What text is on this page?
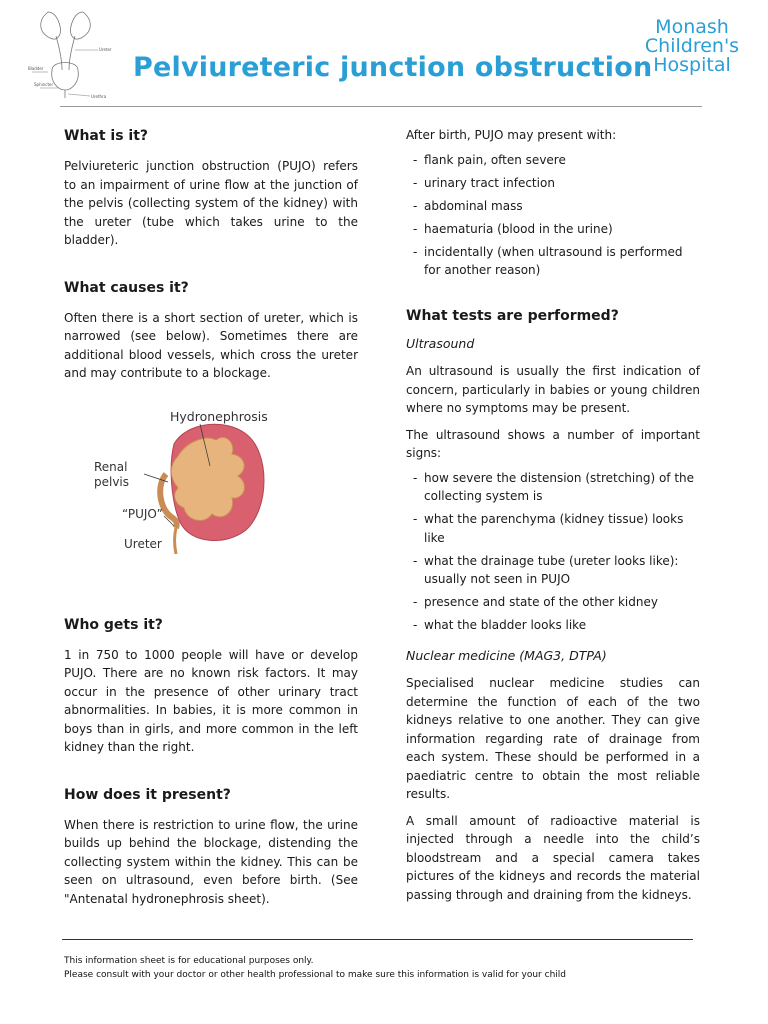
Ureter
Bladder
Sphincter
Urethra
Pelviureteric junction obstruction
Monash
Children's
Hospital
What is it?

Pelviureteric junction obstruction (PUJO) refers to an impairment of urine flow at the junction of the pelvis (collecting system of the kidney) with the ureter (tube which takes urine to the bladder).

What causes it?

Often there is a short section of ureter, which is narrowed (see below). Sometimes there are additional blood vessels, which cross the ureter and may contribute to a blockage.

Who gets it?

1 in 750 to 1000 people will have or develop PUJO. There are no known risk factors. It may occur in the presence of other urinary tract abnormalities. In babies, it is more common in boys than in girls, and more common in the left kidney than the right.

How does it present?

When there is restriction to urine flow, the urine builds up behind the blockage, distending the collecting system within the kidney. This can be seen on ultrasound, even before birth. (See "Antenatal hydronephrosis sheet).

Hydronephrosis
Renal
pelvis
“PUJO”
Ureter

After birth, PUJO may present with:

- flank pain, often severe
- urinary tract infection
- abdominal mass
- haematuria (blood in the urine)
- incidentally (when ultrasound is performed for another reason)
What tests are performed?

Ultrasound

An ultrasound is usually the first indication of concern, particularly in babies or young children where no symptoms may be present.

The ultrasound shows a number of important signs:

- how severe the distension (stretching) of the collecting system is
- what the parenchyma (kidney tissue) looks like
- what the drainage tube (ureter looks like): usually not seen in PUJO
- presence and state of the other kidney
- what the bladder looks like

Nuclear medicine (MAG3, DTPA)

Specialised nuclear medicine studies can determine the function of each of the two kidneys relative to one another. They can give information regarding rate of drainage from each system. These should be performed in a paediatric centre to obtain the most reliable results.

A small amount of radioactive material is injected through a needle into the child’s bloodstream and a special camera takes pictures of the kidneys and records the material passing through and draining from the kidneys.

This information sheet is for educational purposes only.
Please consult with your doctor or other health professional to make sure this information is valid for your child
